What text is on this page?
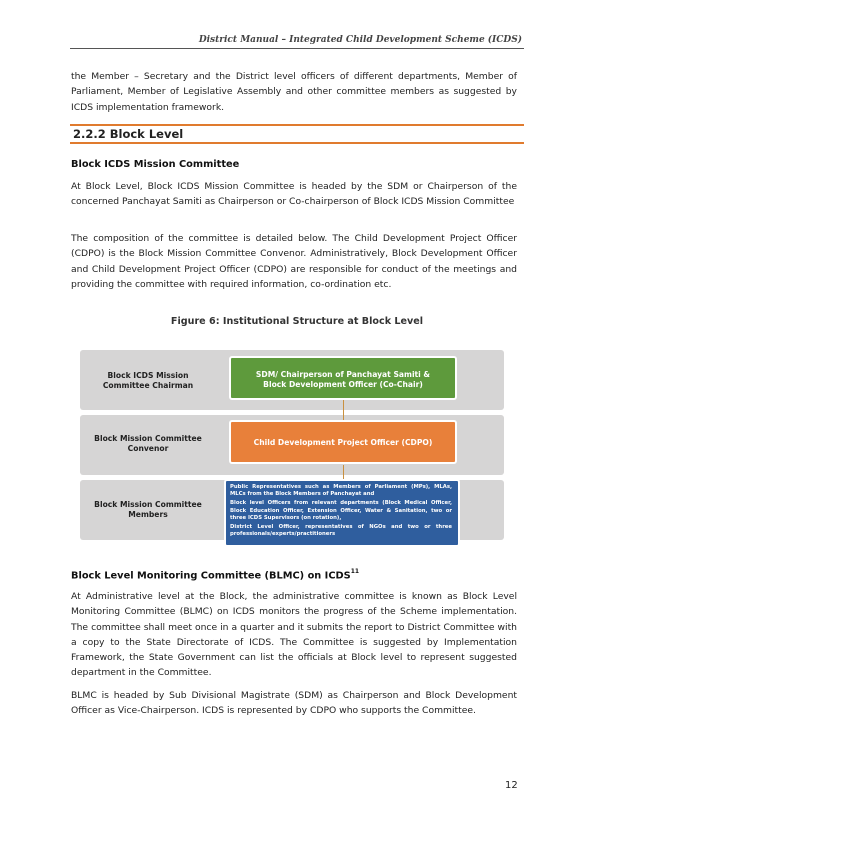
District Manual – Integrated Child Development Scheme (ICDS)
the Member – Secretary and the District level officers of different departments, Member of Parliament, Member of Legislative Assembly and other committee members as suggested by ICDS implementation framework.
2.2.2 Block Level
Block ICDS Mission Committee
At Block Level, Block ICDS Mission Committee is headed by the SDM or Chairperson of the concerned Panchayat Samiti as Chairperson or Co-chairperson of Block ICDS Mission Committee
The composition of the committee is detailed below. The Child Development Project Officer (CDPO) is the Block Mission Committee Convenor. Administratively, Block Development Officer and Child Development Project Officer (CDPO) are responsible for conduct of the meetings and providing the committee with required information, co-ordination etc.
Figure 6: Institutional Structure at Block Level
Block ICDS Mission Committee Chairman
Block Mission Committee Convenor
Block Mission Committee Members
SDM/ Chairperson of Panchayat Samiti & Block Development Officer (Co-Chair)
Child Development Project Officer (CDPO)
Public Representatives such as Members of Parliament (MPs), MLAs, MLCs from the Block Members of Panchayat and
Block level Officers from relevant departments (Block Medical Officer, Block Education Officer, Extension Officer, Water & Sanitation, two or three ICDS Supervisors (on rotation),
District Level Officer, representatives of NGOs and two or three professionals/experts/practitioners
Block Level Monitoring Committee (BLMC) on ICDS$^{11}$
At Administrative level at the Block, the administrative committee is known as Block Level Monitoring Committee (BLMC) on ICDS monitors the progress of the Scheme implementation. The committee shall meet once in a quarter and it submits the report to District Committee with a copy to the State Directorate of ICDS. The Committee is suggested by Implementation Framework, the State Government can list the officials at Block level to represent suggested department in the Committee.
BLMC is headed by Sub Divisional Magistrate (SDM) as Chairperson and Block Development Officer as Vice-Chairperson. ICDS is represented by CDPO who supports the Committee.
12
